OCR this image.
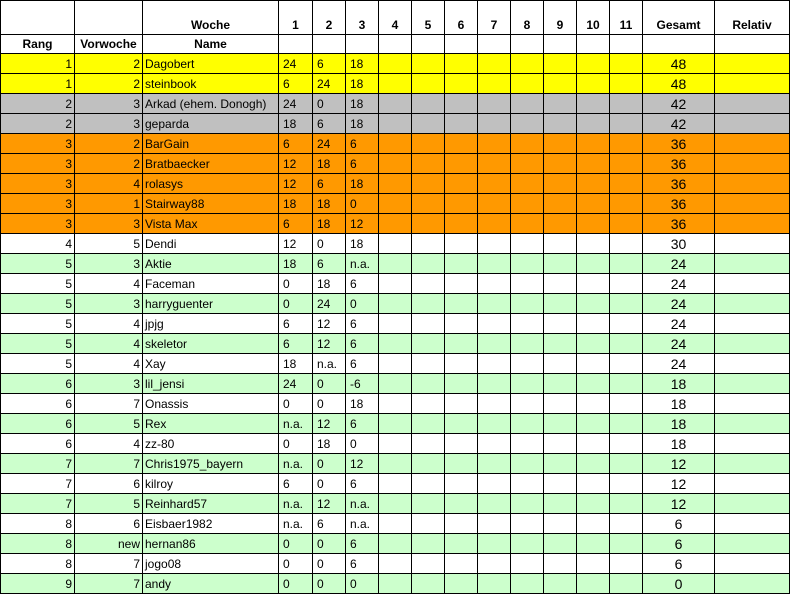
		Woche	1	2	3	4	5	6	7	8	9	10	11	Gesamt	Relativ
Rang	Vorwoche	Name													
1	2	Dagobert	24	6	18									48	
1	2	steinbook	6	24	18									48	
2	3	Arkad (ehem. Donogh)	24	0	18									42	
2	3	geparda	18	6	18									42	
3	2	BarGain	6	24	6									36	
3	2	Bratbaecker	12	18	6									36	
3	4	rolasys	12	6	18									36	
3	1	Stairway88	18	18	0									36	
3	3	Vista Max	6	18	12									36	
4	5	Dendi	12	0	18									30	
5	3	Aktie	18	6	n.a.									24	
5	4	Faceman	0	18	6									24	
5	3	harryguenter	0	24	0									24	
5	4	jpjg	6	12	6									24	
5	4	skeletor	6	12	6									24	
5	4	Xay	18	n.a.	6									24	
6	3	lil_jensi	24	0	-6									18	
6	7	Onassis	0	0	18									18	
6	5	Rex	n.a.	12	6									18	
6	4	zz-80	0	18	0									18	
7	7	Chris1975_bayern	n.a.	0	12									12	
7	6	kilroy	6	0	6									12	
7	5	Reinhard57	n.a.	12	n.a.									12	
8	6	Eisbaer1982	n.a.	6	n.a.									6	
8	new	hernan86	0	0	6									6	
8	7	jogo08	0	0	6									6	
9	7	andy	0	0	0									0	
